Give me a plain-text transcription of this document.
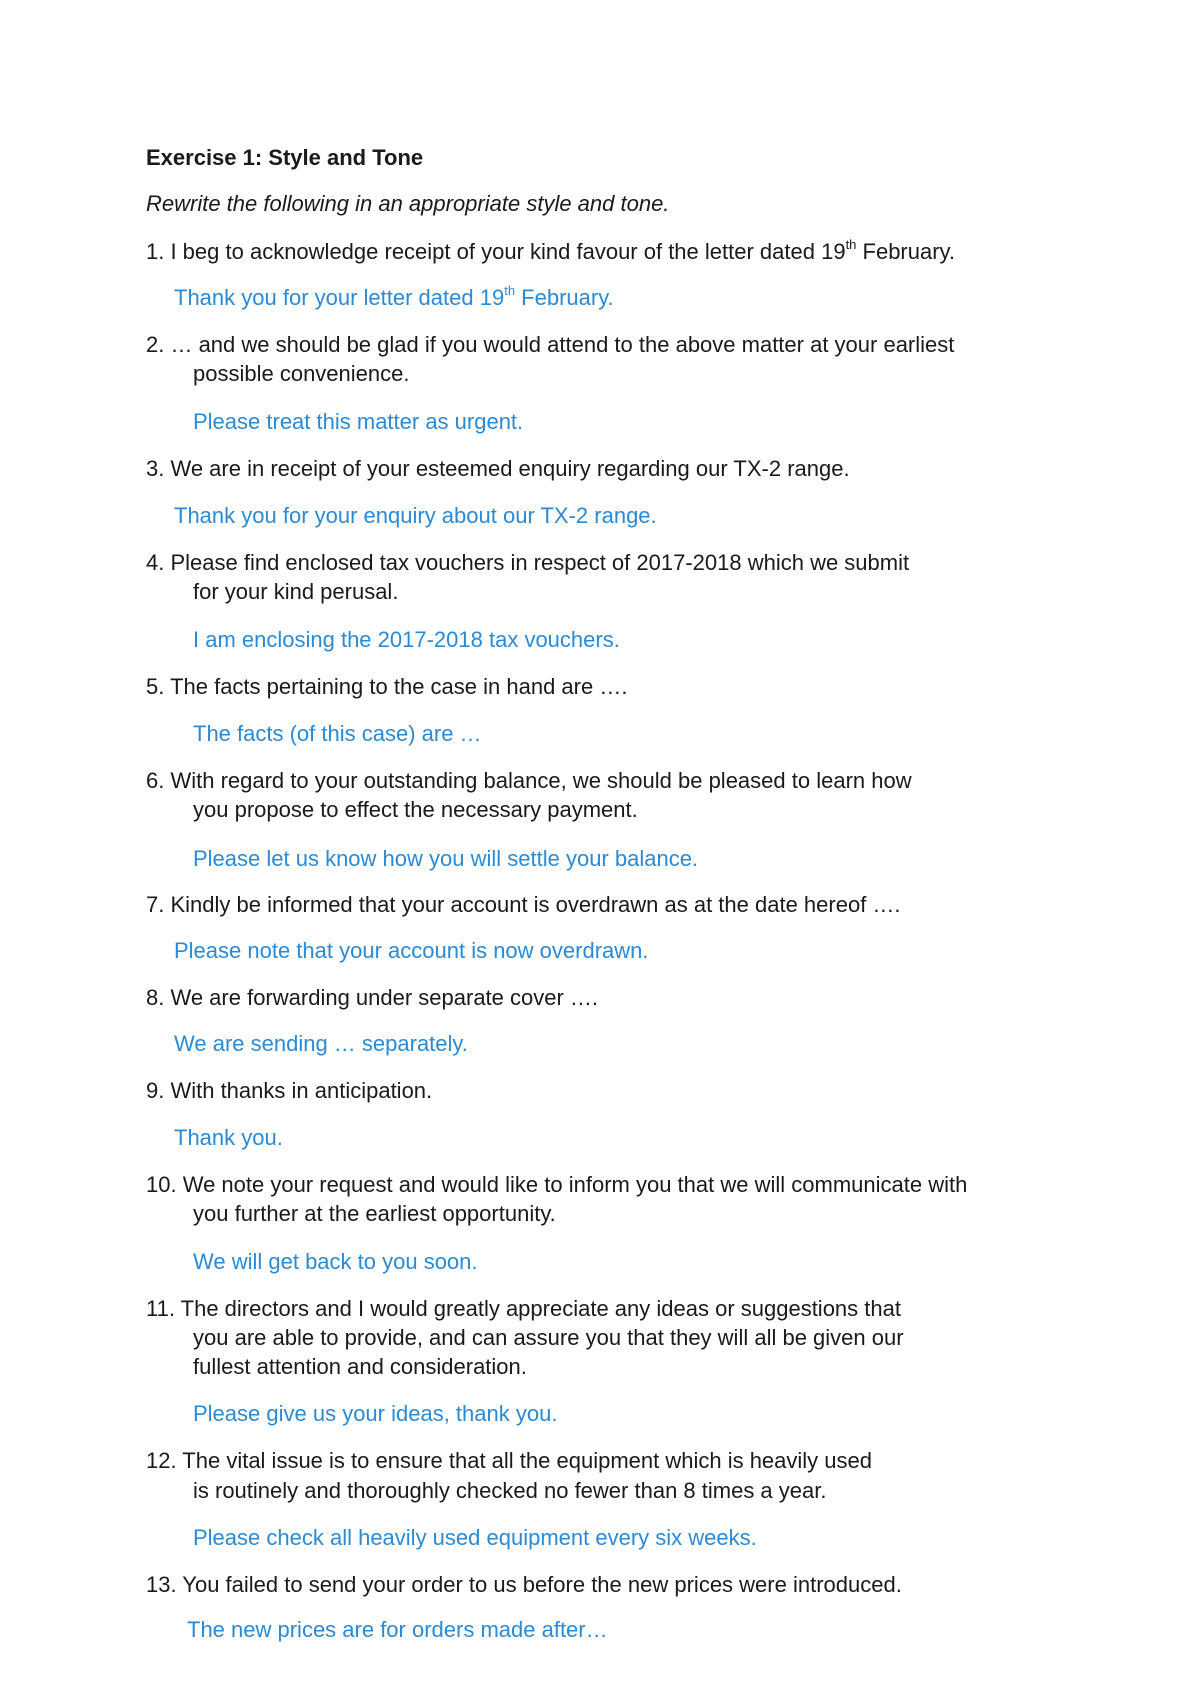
Exercise 1: Style and Tone
Rewrite the following in an appropriate style and tone.
1. I beg to acknowledge receipt of your kind favour of the letter dated 19th February.
Thank you for your letter dated 19th February.
2. … and we should be glad if you would attend to the above matter at your earliest
possible convenience.
Please treat this matter as urgent.
3. We are in receipt of your esteemed enquiry regarding our TX-2 range.
Thank you for your enquiry about our TX-2 range.
4. Please find enclosed tax vouchers in respect of 2017-2018 which we submit
for your kind perusal.
I am enclosing the 2017-2018 tax vouchers.
5. The facts pertaining to the case in hand are ….
The facts (of this case) are …
6. With regard to your outstanding balance, we should be pleased to learn how
you propose to effect the necessary payment.
Please let us know how you will settle your balance.
7. Kindly be informed that your account is overdrawn as at the date hereof ….
Please note that your account is now overdrawn.
8. We are forwarding under separate cover ….
We are sending … separately.
9. With thanks in anticipation.
Thank you.
10. We note your request and would like to inform you that we will communicate with
you further at the earliest opportunity.
We will get back to you soon.
11. The directors and I would greatly appreciate any ideas or suggestions that
you are able to provide, and can assure you that they will all be given our
fullest attention and consideration.
Please give us your ideas, thank you.
12. The vital issue is to ensure that all the equipment which is heavily used
is routinely and thoroughly checked no fewer than 8 times a year.
Please check all heavily used equipment every six weeks.
13. You failed to send your order to us before the new prices were introduced.
The new prices are for orders made after…
